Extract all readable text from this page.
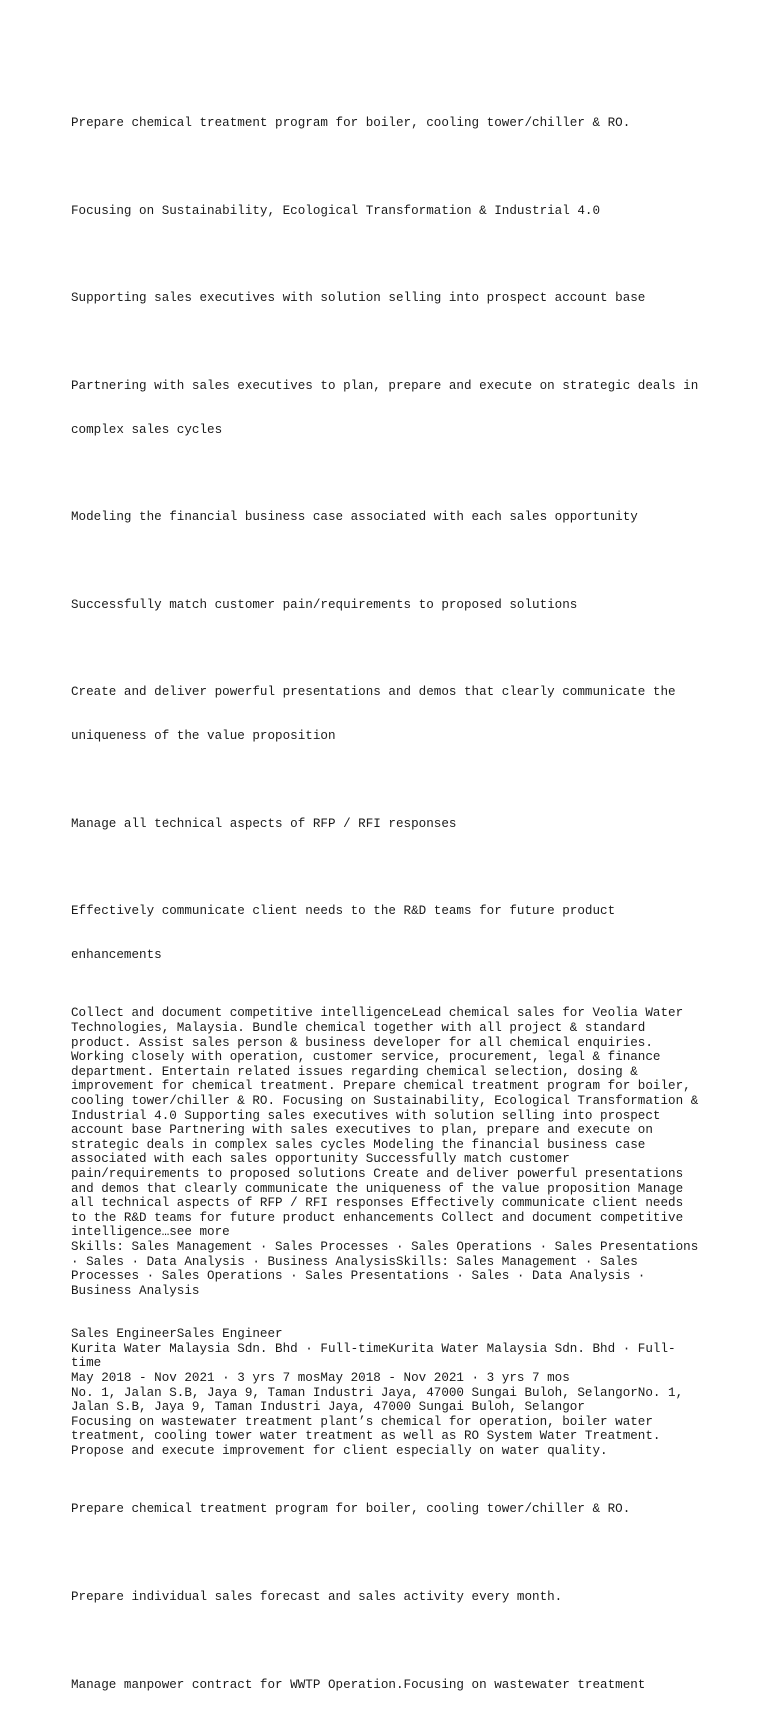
Prepare chemical treatment program for boiler, cooling tower/chiller & RO.

Focusing on Sustainability, Ecological Transformation & Industrial 4.0

Supporting sales executives with solution selling into prospect account base

Partnering with sales executives to plan, prepare and execute on strategic deals in

complex sales cycles

Modeling the financial business case associated with each sales opportunity

Successfully match customer pain/requirements to proposed solutions

Create and deliver powerful presentations and demos that clearly communicate the

uniqueness of the value proposition

Manage all technical aspects of RFP / RFI responses

Effectively communicate client needs to the R&D teams for future product

enhancements

Collect and document competitive intelligenceLead chemical sales for Veolia Water
Technologies, Malaysia. Bundle chemical together with all project & standard
product. Assist sales person & business developer for all chemical enquiries.
Working closely with operation, customer service, procurement, legal & finance
department. Entertain related issues regarding chemical selection, dosing &
improvement for chemical treatment. Prepare chemical treatment program for boiler,
cooling tower/chiller & RO. Focusing on Sustainability, Ecological Transformation &
Industrial 4.0 Supporting sales executives with solution selling into prospect
account base Partnering with sales executives to plan, prepare and execute on
strategic deals in complex sales cycles Modeling the financial business case
associated with each sales opportunity Successfully match customer
pain/requirements to proposed solutions Create and deliver powerful presentations
and demos that clearly communicate the uniqueness of the value proposition Manage
all technical aspects of RFP / RFI responses Effectively communicate client needs
to the R&D teams for future product enhancements Collect and document competitive
intelligence…see more
Skills: Sales Management · Sales Processes · Sales Operations · Sales Presentations
· Sales · Data Analysis · Business AnalysisSkills: Sales Management · Sales
Processes · Sales Operations · Sales Presentations · Sales · Data Analysis ·
Business Analysis
Sales EngineerSales Engineer
Kurita Water Malaysia Sdn. Bhd · Full-timeKurita Water Malaysia Sdn. Bhd · Full-
time
May 2018 - Nov 2021 · 3 yrs 7 mosMay 2018 - Nov 2021 · 3 yrs 7 mos
No. 1, Jalan S.B, Jaya 9, Taman Industri Jaya, 47000 Sungai Buloh, SelangorNo. 1,
Jalan S.B, Jaya 9, Taman Industri Jaya, 47000 Sungai Buloh, Selangor
Focusing on wastewater treatment plant’s chemical for operation, boiler water
treatment, cooling tower water treatment as well as RO System Water Treatment.
Propose and execute improvement for client especially on water quality.

Prepare chemical treatment program for boiler, cooling tower/chiller & RO.

Prepare individual sales forecast and sales activity every month.

Manage manpower contract for WWTP Operation.Focusing on wastewater treatment
